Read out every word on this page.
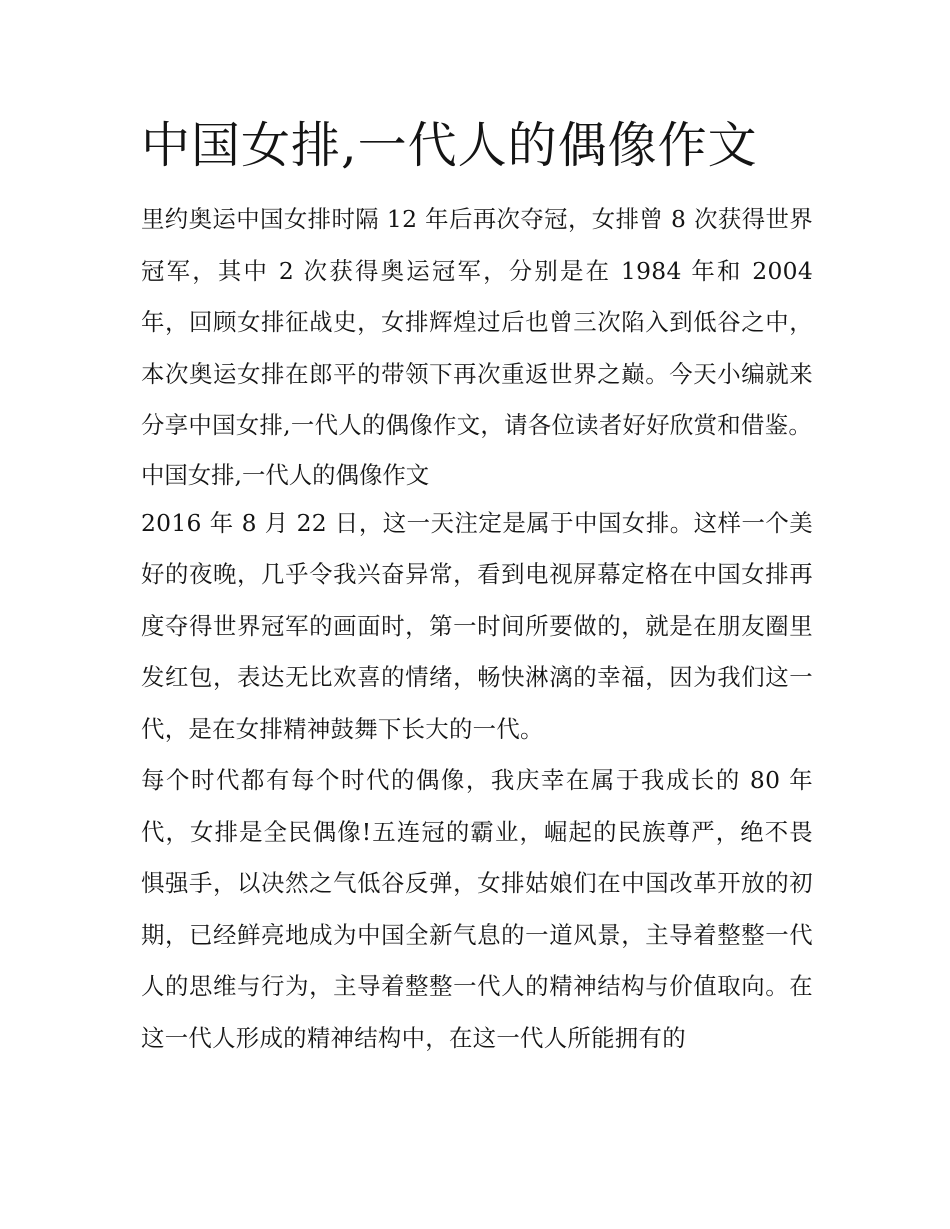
中国女排,一代人的偶像作文

里约奥运中国女排时隔 12 年后再次夺冠，女排曾 8 次获得世界冠军，其中 2 次获得奥运冠军，分别是在 1984 年和 2004 年，回顾女排征战史，女排辉煌过后也曾三次陷入到低谷之中，本次奥运女排在郎平的带领下再次重返世界之巅。今天小编就来分享中国女排,一代人的偶像作文，请各位读者好好欣赏和借鉴。

中国女排,一代人的偶像作文

2016 年 8 月 22 日，这一天注定是属于中国女排。这样一个美好的夜晚，几乎令我兴奋异常，看到电视屏幕定格在中国女排再度夺得世界冠军的画面时，第一时间所要做的，就是在朋友圈里发红包，表达无比欢喜的情绪，畅快淋漓的幸福，因为我们这一代，是在女排精神鼓舞下长大的一代。

每个时代都有每个时代的偶像，我庆幸在属于我成长的 80 年代，女排是全民偶像!五连冠的霸业，崛起的民族尊严，绝不畏惧强手，以决然之气低谷反弹，女排姑娘们在中国改革开放的初期，已经鲜亮地成为中国全新气息的一道风景，主导着整整一代人的思维与行为，主导着整整一代人的精神结构与价值取向。在这一代人形成的精神结构中，在这一代人所能拥有的
